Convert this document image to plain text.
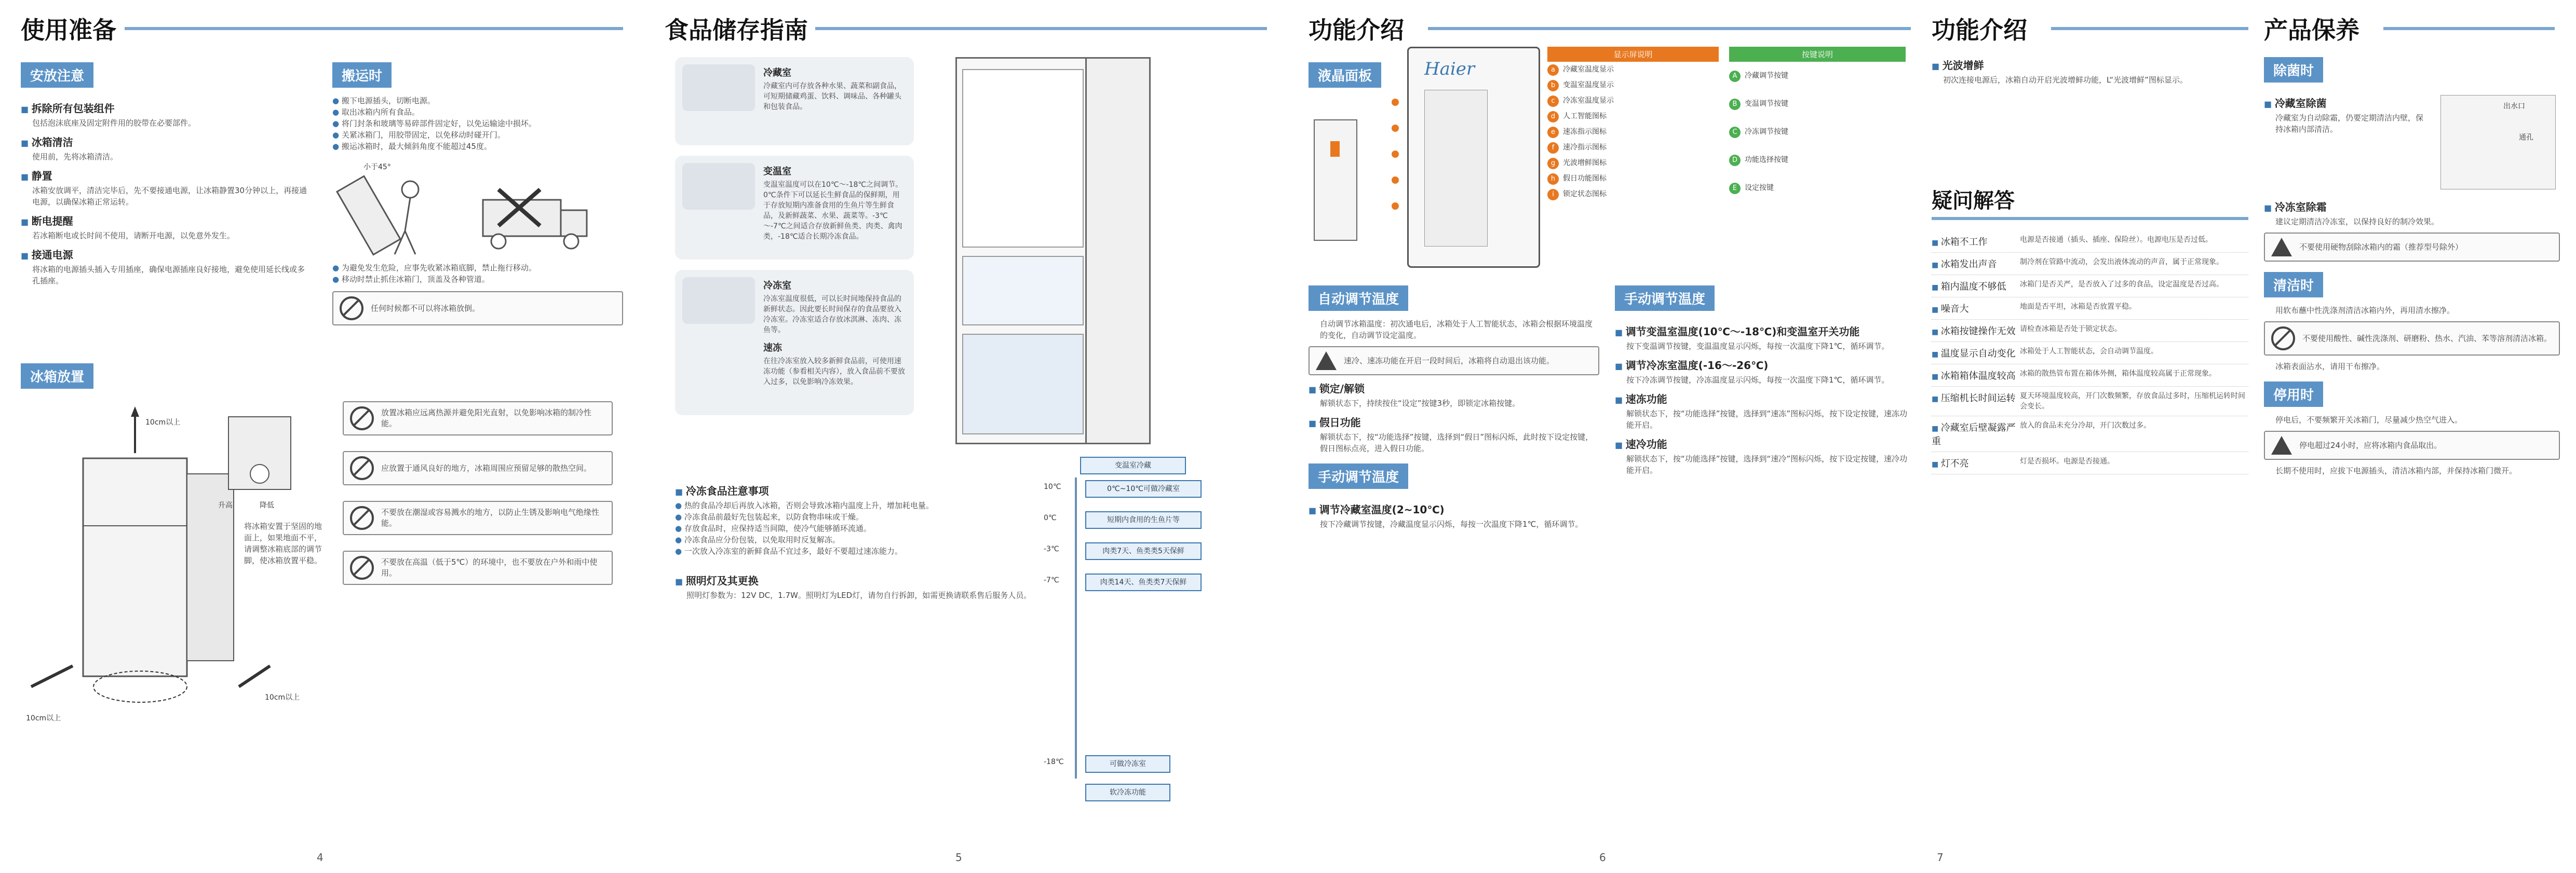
使用准备
安放注意
■ 拆除所有包装组件
包括泡沫底座及固定附件用的胶带在必要部件。
■ 冰箱清洁
使用前，先将冰箱清洁。
■ 静置
冰箱安放调平，清洁完毕后，先不要接通电源，让冰箱静置30分钟以上，再接通电源，以确保冰箱正常运转。
■ 断电提醒
若冰箱断电或长时间不使用，请断开电源，以免意外发生。
■ 接通电源
将冰箱的电源插头插入专用插座，确保电源插座良好接地，避免使用延长线或多孔插座。
搬运时
● 搬下电源插头，切断电源。
● 取出冰箱内所有食品。
● 将门封条和玻璃等易碎部件固定好，以免运输途中损坏。
● 关紧冰箱门，用胶带固定，以免移动时碰开门。
● 搬运冰箱时，最大倾斜角度不能超过45度。
小于45°
● 为避免发生危险，应事先收紧冰箱底脚，禁止拖行移动。
● 移动时禁止抓住冰箱门，顶盖及各种管道。
任何时候都不可以将冰箱放倒。
冰箱放置
10cm以上
10cm以上
10cm以上
升高	降低
将冰箱安置于坚固的地面上，如果地面不平，请调整冰箱底部的调节脚，使冰箱放置平稳。
放置冰箱应远离热源并避免阳光直射，以免影响冰箱的制冷性能。
应放置于通风良好的地方，冰箱周围应预留足够的散热空间。
不要放在潮湿或容易溅水的地方，以防止生锈及影响电气绝缘性能。
不要放在高温（低于5℃）的环境中，也不要放在户外和雨中使用。
4
食品储存指南
冷藏室
冷藏室内可存放各种水果、蔬菜和副食品，可短期储藏鸡蛋、饮料、调味品、各种罐头和包装食品。
变温室
变温室温度可以在10℃～-18℃之间调节。0℃条件下可以延长生鲜食品的保鲜期，用于存放短期内准备食用的生鱼片等生鲜食品，及新鲜蔬菜、水果、蔬菜等。-3℃～-7℃之间适合存放新鲜鱼类、肉类、禽肉类，-18℃适合长期冷冻食品。
冷冻室
冷冻室温度很低，可以长时间地保持食品的新鲜状态。因此要长时间保存的食品要放入冷冻室。冷冻室适合存放冰淇淋、冻肉、冻鱼等。
速冻
在往冷冻室放入较多新鲜食品前，可使用速冻功能（参看相关内容），放入食品前不要放入过多，以免影响冷冻效果。
变温室冷藏
10℃
0℃
-3℃
-7℃
-18℃
0℃~10℃可做冷藏室
短期内食用的生鱼片等
肉类7天、鱼类类5天保鲜
肉类14天、鱼类类7天保鲜
可做冷冻室
软冷冻功能
■ 冷冻食品注意事项
● 热的食品冷却后再放入冰箱，否则会导致冰箱内温度上升，增加耗电量。
● 冷冻食品前最好先包装起来，以防食物串味或干燥。
● 存放食品时，应保持适当间隙，使冷气能够循环流通。
● 冷冻食品应分份包装，以免取用时反复解冻。
● 一次放入冷冻室的新鲜食品不宜过多，最好不要超过速冻能力。
■ 照明灯及其更换
照明灯参数为：12V DC，1.7W。照明灯为LED灯，请勿自行拆卸，如需更换请联系售后服务人员。
5
功能介绍
液晶面板	Haier
显示屏说明
a 冷藏室温度显示
b 变温室温度显示
c 冷冻室温度显示
d 人工智能图标
e 速冻指示图标
f 速冷指示图标
g 光波增鲜图标
h 假日功能图标
i 锁定状态图标
按键说明
A 冷藏调节按键
B 变温调节按键
C 冷冻调节按键
D 功能选择按键
E 设定按键
自动调节温度
自动调节冰箱温度：初次通电后，冰箱处于人工智能状态，冰箱会根据环境温度的变化，自动调节设定温度。
速冷、速冻功能在开启一段时间后，冰箱将自动退出该功能。
■ 锁定/解锁
解锁状态下，持续按住“设定”按键3秒，即锁定冰箱按键。
■ 假日功能
解锁状态下，按“功能选择”按键，选择到“假日”图标闪烁，此时按下设定按键，假日图标点亮，进入假日功能。
手动调节温度
■ 调节冷藏室温度(2~10℃)
按下冷藏调节按键，冷藏温度显示闪烁，每按一次温度下降1℃，循环调节。
手动调节温度
■ 调节变温室温度(10℃～-18℃)和变温室开关功能
按下变温调节按键，变温温度显示闪烁，每按一次温度下降1℃，循环调节。
■ 调节冷冻室温度(-16～-26℃)
按下冷冻调节按键，冷冻温度显示闪烁，每按一次温度下降1℃，循环调节。
■ 速冻功能
解锁状态下，按“功能选择”按键，选择到“速冻”图标闪烁，按下设定按键，速冻功能开启。
■ 速冷功能
解锁状态下，按“功能选择”按键，选择到“速冷”图标闪烁，按下设定按键，速冷功能开启。
6
功能介绍	产品保养
■ 光波增鲜
初次连接电源后，冰箱自动开启光波增鲜功能，L“光波增鲜”图标显示。
疑问解答
■ 冰箱不工作	电源是否接通（插头、插座、保险丝）。电源电压是否过低。
■ 冰箱发出声音	制冷剂在管路中流动，会发出液体流动的声音，属于正常现象。
■ 箱内温度不够低	冰箱门是否关严，是否放入了过多的食品，设定温度是否过高。
■ 噪音大	地面是否平坦，冰箱是否放置平稳。
■ 冰箱按键操作无效 请检查冰箱是否处于锁定状态。
■ 温度显示自动变化 冰箱处于人工智能状态，会自动调节温度。
■ 冰箱箱体温度较高 冰箱的散热管布置在箱体外侧，箱体温度较高属于正常现象。
■ 压缩机长时间运转 夏天环境温度较高，开门次数频繁，存放食品过多时，压缩机运转时间会变长。
■ 冷藏室后壁凝露严重
放入的食品未充分冷却，开门次数过多。
■ 灯不亮	灯是否损坏。电源是否接通。
除菌时
■ 冷藏室除菌
冷藏室为自动除霜，仍要定期清洁内壁，保持冰箱内部清洁。
出水口
通孔
■ 冷冻室除霜
建议定期清洁冷冻室，以保持良好的制冷效果。
不要使用硬物刮除冰箱内的霜（推荐型号除外）
清洁时
用软布蘸中性洗涤剂清洁冰箱内外，再用清水擦净。
不要使用酸性、碱性洗涤剂、研磨粉、热水、汽油、苯等溶剂清洁冰箱。
冰箱表面沾水，请用干布擦净。
停用时
停电后，不要频繁开关冰箱门，尽量减少热空气进入。
停电超过24小时，应将冰箱内食品取出。
长期不使用时，应拔下电源插头，清洁冰箱内部，并保持冰箱门微开。
7
